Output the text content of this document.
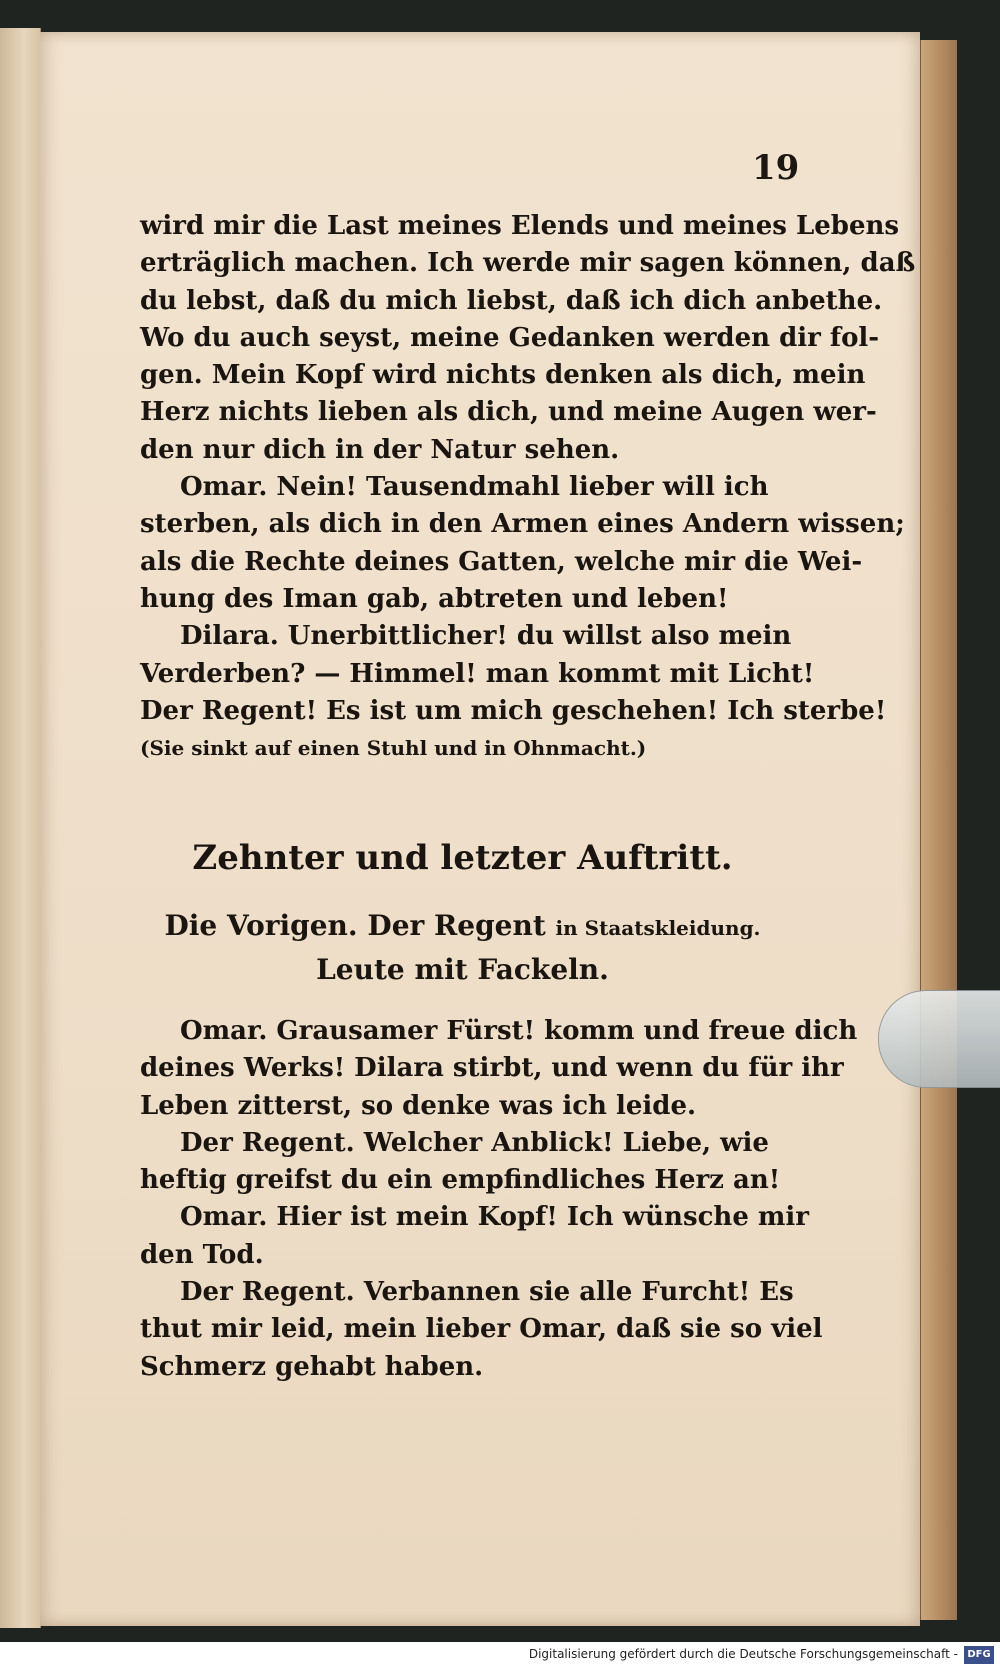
19
wird mir die Last meines Elends und meines Lebens
erträglich machen. Ich werde mir sagen können, daß
du lebst, daß du mich liebst, daß ich dich anbethe.
Wo du auch seyst, meine Gedanken werden dir fol-
gen. Mein Kopf wird nichts denken als dich, mein
Herz nichts lieben als dich, und meine Augen wer-
den nur dich in der Natur sehen.
Omar. Nein! Tausendmahl lieber will ich
sterben, als dich in den Armen eines Andern wissen;
als die Rechte deines Gatten, welche mir die Wei-
hung des Iman gab, abtreten und leben!
Dilara. Unerbittlicher! du willst also mein
Verderben? — Himmel! man kommt mit Licht!
Der Regent! Es ist um mich geschehen! Ich sterbe!
(Sie sinkt auf einen Stuhl und in Ohnmacht.)
Zehnter und letzter Auftritt.
Die Vorigen. Der Regent in Staatskleidung.
Leute mit Fackeln.
Omar. Grausamer Fürst! komm und freue dich
deines Werks! Dilara stirbt, und wenn du für ihr
Leben zitterst, so denke was ich leide.
Der Regent. Welcher Anblick! Liebe, wie
heftig greifst du ein empfindliches Herz an!
Omar. Hier ist mein Kopf! Ich wünsche mir
den Tod.
Der Regent. Verbannen sie alle Furcht! Es
thut mir leid, mein lieber Omar, daß sie so viel
Schmerz gehabt haben.
Digitalisierung gefördert durch die Deutsche Forschungsgemeinschaft - DFG
